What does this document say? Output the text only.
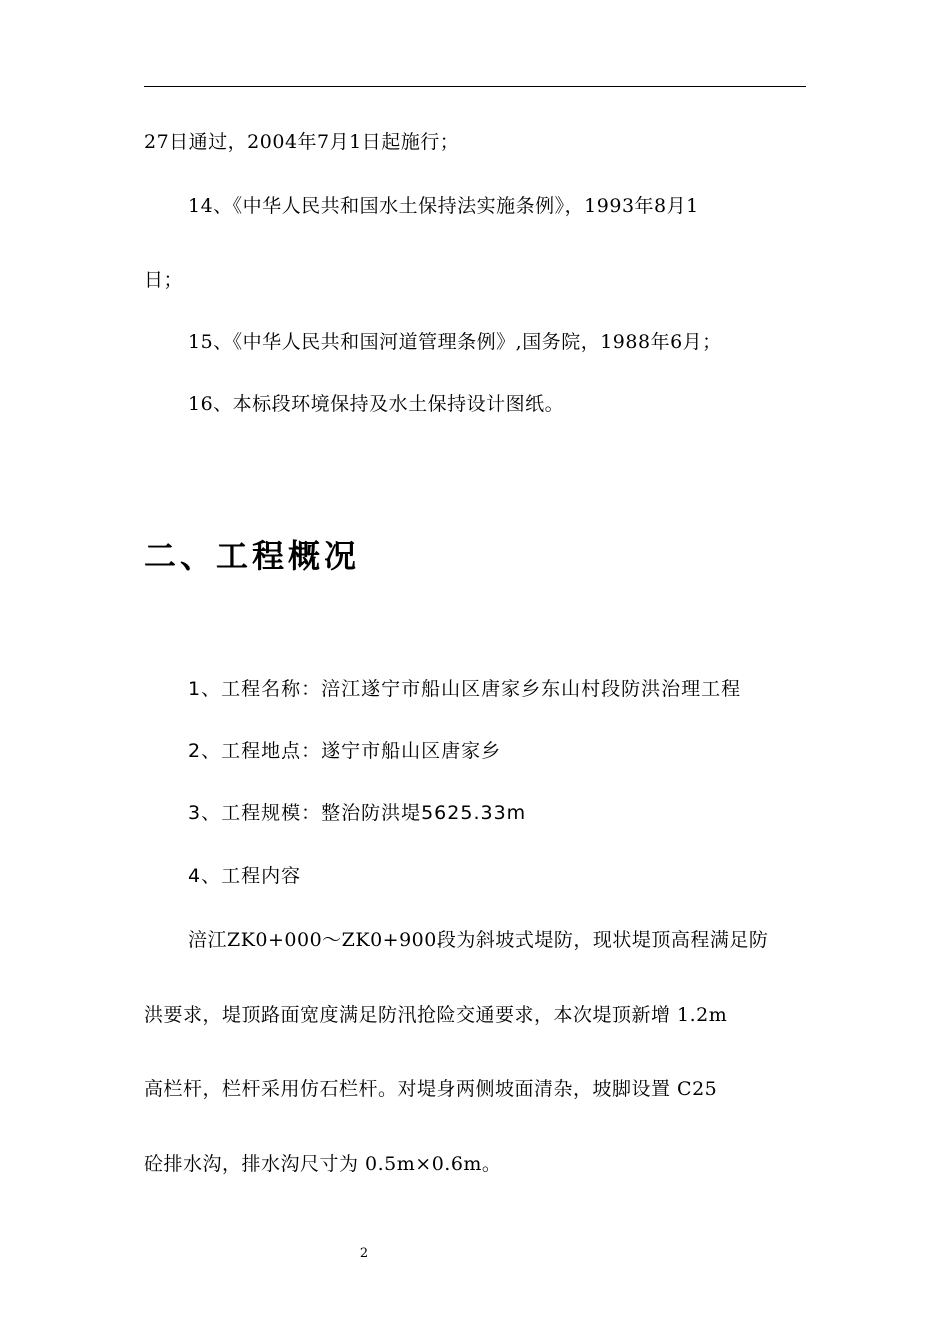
27日通过，2004年7月1日起施行；
14、《中华人民共和国水土保持法实施条例》，1993年8月1
日；
15、《中华人民共和国河道管理条例》,国务院，1988年6月；
16、本标段环境保持及水土保持设计图纸。
二、工程概况
1、工程名称：涪江遂宁市船山区唐家乡东山村段防洪治理工程
2、工程地点：遂宁市船山区唐家乡
3、工程规模：整治防洪堤5625.33m
4、工程内容
涪江ZK0+000～ZK0+900段为斜坡式堤防，现状堤顶高程满足防
洪要求，堤顶路面宽度满足防汛抢险交通要求，本次堤顶新增 1.2m
高栏杆，栏杆采用仿石栏杆。对堤身两侧坡面清杂，坡脚设置 C25
砼排水沟，排水沟尺寸为 0.5m×0.6m。
2
